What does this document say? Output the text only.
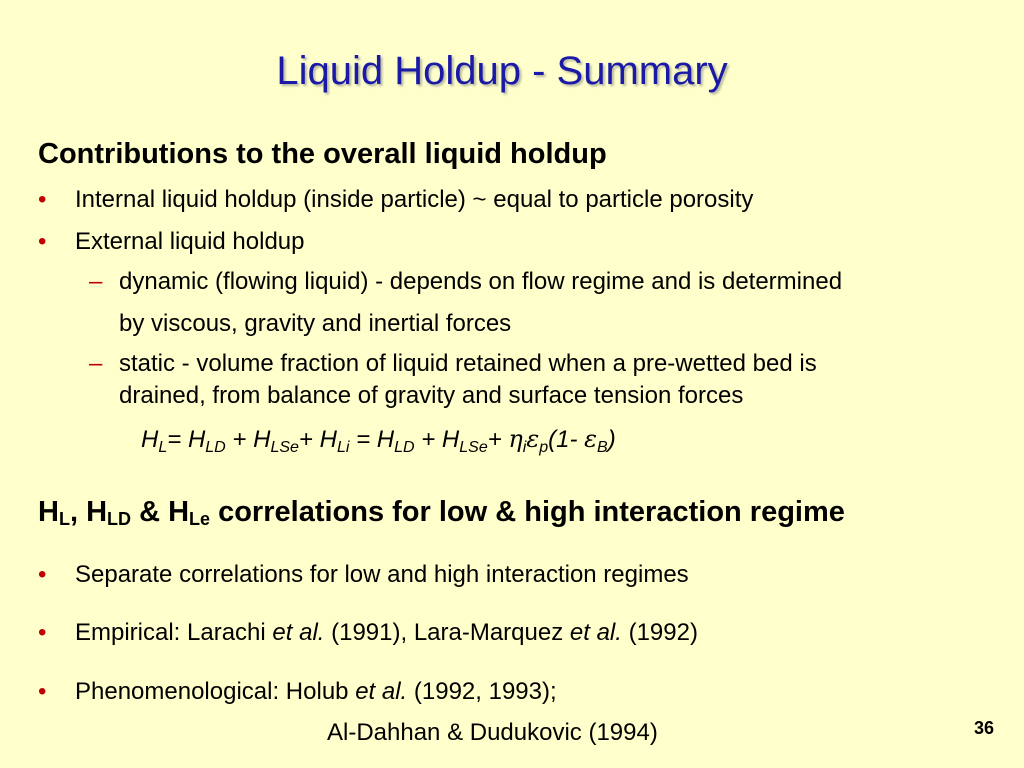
Liquid Holdup - Summary
Contributions to the overall liquid holdup
• Internal liquid holdup (inside particle) ~ equal to particle porosity
• External liquid holdup
– dynamic (flowing liquid) - depends on flow regime and is determined
by viscous, gravity and inertial forces
– static - volume fraction of liquid retained when a pre-wetted bed is
drained, from balance of gravity and surface tension forces
$H_L= H_{LD} + H_{LSe}+ H_{Li} = H_{LD} + H_{LSe}+ \eta_i\varepsilon_p(1-$ $\varepsilon_B$)
$H_L$, $H_{LD}$ & $H_{Le}$ correlations for low & high interaction regime
• Separate correlations for low and high interaction regimes
• Empirical: Larachi et al. (1991), Lara-Marquez et al. (1992)
• Phenomenological: Holub et al. (1992, 1993);
Al-Dahhan & Dudukovic (1994)	36
